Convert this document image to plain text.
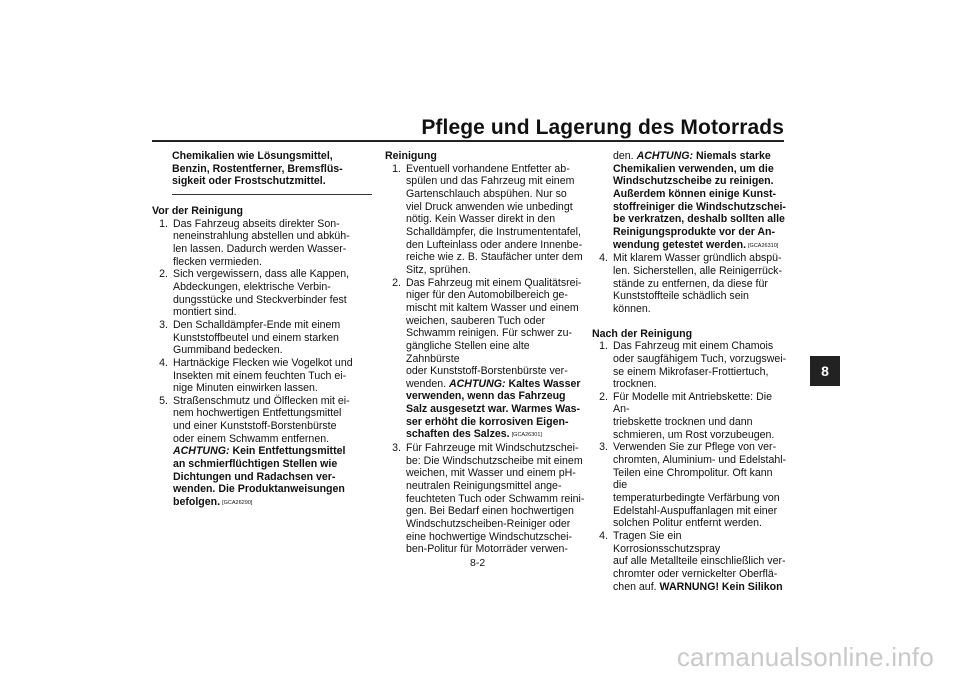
Pflege und Lagerung des Motorrads
Chemikalien wie Lösungsmittel,
Benzin, Rostentferner, Bremsflüs-
sigkeit oder Frostschutzmittel.
Vor der Reinigung
1. Das Fahrzeug abseits direkter Son-
neneinstrahlung abstellen und abküh-
len lassen. Dadurch werden Wasser-
flecken vermieden.
2. Sich vergewissern, dass alle Kappen,
Abdeckungen, elektrische Verbin-
dungsstücke und Steckverbinder fest
montiert sind.
3. Den Schalldämpfer-Ende mit einem
Kunststoffbeutel und einem starken
Gummiband bedecken.
4. Hartnäckige Flecken wie Vogelkot und
Insekten mit einem feuchten Tuch ei-
nige Minuten einwirken lassen.
5. Straßenschmutz und Ölflecken mit ei-
nem hochwertigen Entfettungsmittel
und einer Kunststoff-Borstenbürste
oder einem Schwamm entfernen.
ACHTUNG: Kein Entfettungsmittel
an schmierflüchtigen Stellen wie
Dichtungen und Radachsen ver-
wenden. Die Produktanweisungen
befolgen. [GCA26290]
Reinigung
1. Eventuell vorhandene Entfetter ab-
spülen und das Fahrzeug mit einem
Gartenschlauch abspühen. Nur so
viel Druck anwenden wie unbedingt
nötig. Kein Wasser direkt in den
Schalldämpfer, die Instrumententafel,
den Lufteinlass oder andere Innenbe-
reiche wie z. B. Staufächer unter dem
Sitz, sprühen.
2. Das Fahrzeug mit einem Qualitätsrei-
niger für den Automobilbereich ge-
mischt mit kaltem Wasser und einem
weichen, sauberen Tuch oder
Schwamm reinigen. Für schwer zu-
gängliche Stellen eine alte Zahnbürste
oder Kunststoff-Borstenbürste ver-
wenden. ACHTUNG: Kaltes Wasser
verwenden, wenn das Fahrzeug
Salz ausgesetzt war. Warmes Was-
ser erhöht die korrosiven Eigen-
schaften des Salzes. [GCA26301]
3. Für Fahrzeuge mit Windschutzschei-
be: Die Windschutzscheibe mit einem
weichen, mit Wasser und einem pH-
neutralen Reinigungsmittel ange-
feuchteten Tuch oder Schwamm reini-
gen. Bei Bedarf einen hochwertigen
Windschutzscheiben-Reiniger oder
eine hochwertige Windschutzschei-
ben-Politur für Motorräder verwen-
den. ACHTUNG: Niemals starke
Chemikalien verwenden, um die
Windschutzscheibe zu reinigen.
Außerdem können einige Kunst-
stoffreiniger die Windschutzschei-
be verkratzen, deshalb sollten alle
Reinigungsprodukte vor der An-
wendung getestet werden. [GCA26310]
4. Mit klarem Wasser gründlich abspü-
len. Sicherstellen, alle Reinigerrück-
stände zu entfernen, da diese für
Kunststoffteile schädlich sein können.
Nach der Reinigung
1. Das Fahrzeug mit einem Chamois
oder saugfähigem Tuch, vorzugswei-
se einem Mikrofaser-Frottiertuch,
trocknen.
2. Für Modelle mit Antriebskette: Die An-
triebskette trocknen und dann
schmieren, um Rost vorzubeugen.
3. Verwenden Sie zur Pflege von ver-
chromten, Aluminium- und Edelstahl-
Teilen eine Chrompolitur. Oft kann die
temperaturbedingte Verfärbung von
Edelstahl-Auspuffanlagen mit einer
solchen Politur entfernt werden.
4. Tragen Sie ein Korrosionsschutzspray
auf alle Metallteile einschließlich ver-
chromter oder vernickelter Oberflä-
chen auf. WARNUNG! Kein Silikon
8
8-2
carmanualsonline.info
